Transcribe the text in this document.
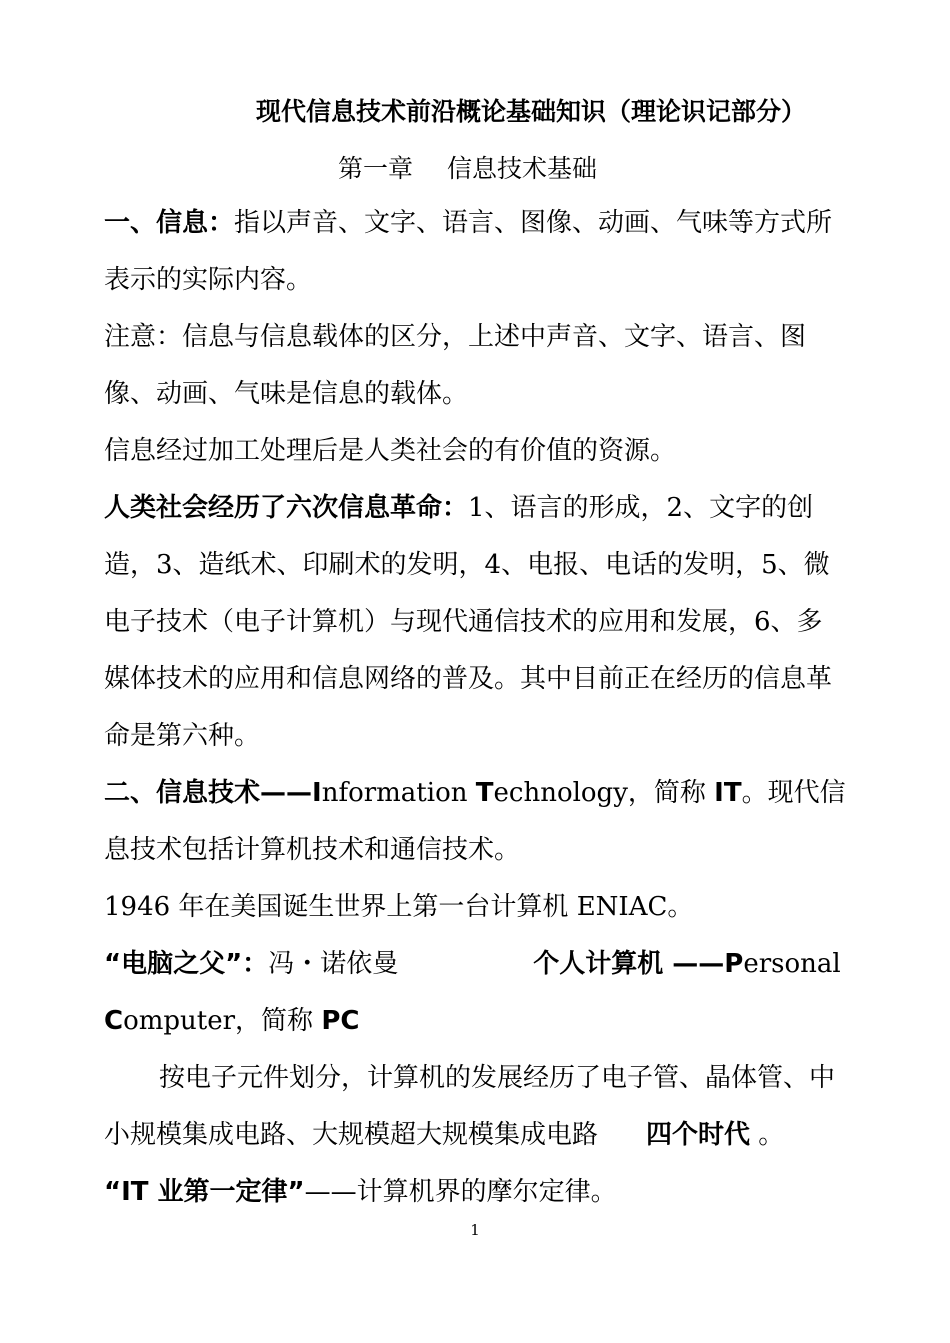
现代信息技术前沿概论基础知识（理论识记部分）
第一章 信息技术基础

一、信息：指以声音、文字、语言、图像、动画、气味等方式所表示的实际内容。

注意：信息与信息载体的区分，上述中声音、文字、语言、图像、动画、气味是信息的载体。

信息经过加工处理后是人类社会的有价值的资源。

人类社会经历了六次信息革命：1、语言的形成，2、文字的创造，3、造纸术、印刷术的发明，4、电报、电话的发明，5、微电子技术（电子计算机）与现代通信技术的应用和发展，6、多媒体技术的应用和信息网络的普及。其中目前正在经历的信息革命是第六种。

二、信息技术——Information Technology，简称 IT。现代信息技术包括计算机技术和通信技术。

1946 年在美国诞生世界上第一台计算机 ENIAC。

“电脑之父”：冯・诺依曼	个人计算机 ——Personal Computer，简称 PC

按电子元件划分，计算机的发展经历了电子管、晶体管、中小规模集成电路、大规模超大规模集成电路 四个时代 。

“IT 业第一定律”——计算机界的摩尔定律。

1
